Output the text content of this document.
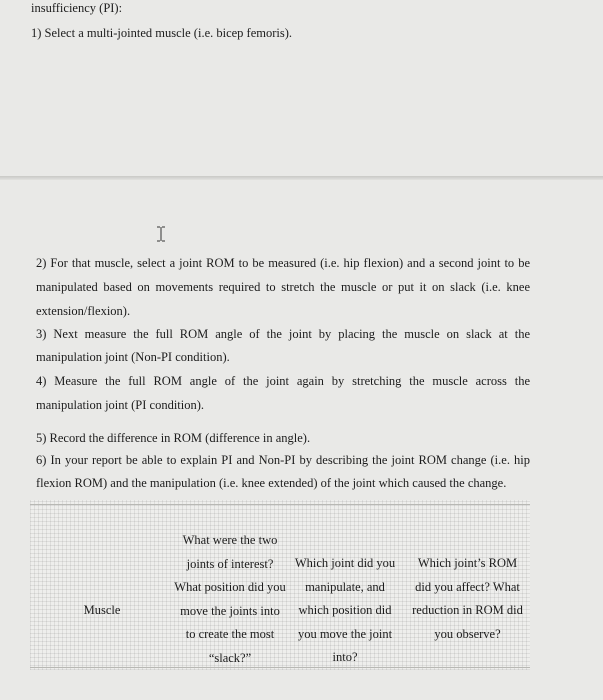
insufficiency (PI):
1) Select a multi-jointed muscle (i.e. bicep femoris).
2) For that muscle, select a joint ROM to be measured (i.e. hip flexion) and a second joint to be
manipulated based on movements required to stretch the muscle or put it on slack (i.e. knee
extension/flexion).
3) Next measure the full ROM angle of the joint by placing the muscle on slack at the
manipulation joint (Non-PI condition).
4) Measure the full ROM angle of the joint again by stretching the muscle across the
manipulation joint (PI condition).
5) Record the difference in ROM (difference in angle).
6) In your report be able to explain PI and Non-PI by describing the joint ROM change (i.e. hip
flexion ROM) and the manipulation (i.e. knee extended) of the joint which caused the change.
Muscle
What were the two
joints of interest?
What position did you
move the joints into
to create the most
“slack?”
Which joint did you
manipulate, and
which position did
you move the joint
into?
Which joint’s ROM
did you affect? What
reduction in ROM did
you observe?
